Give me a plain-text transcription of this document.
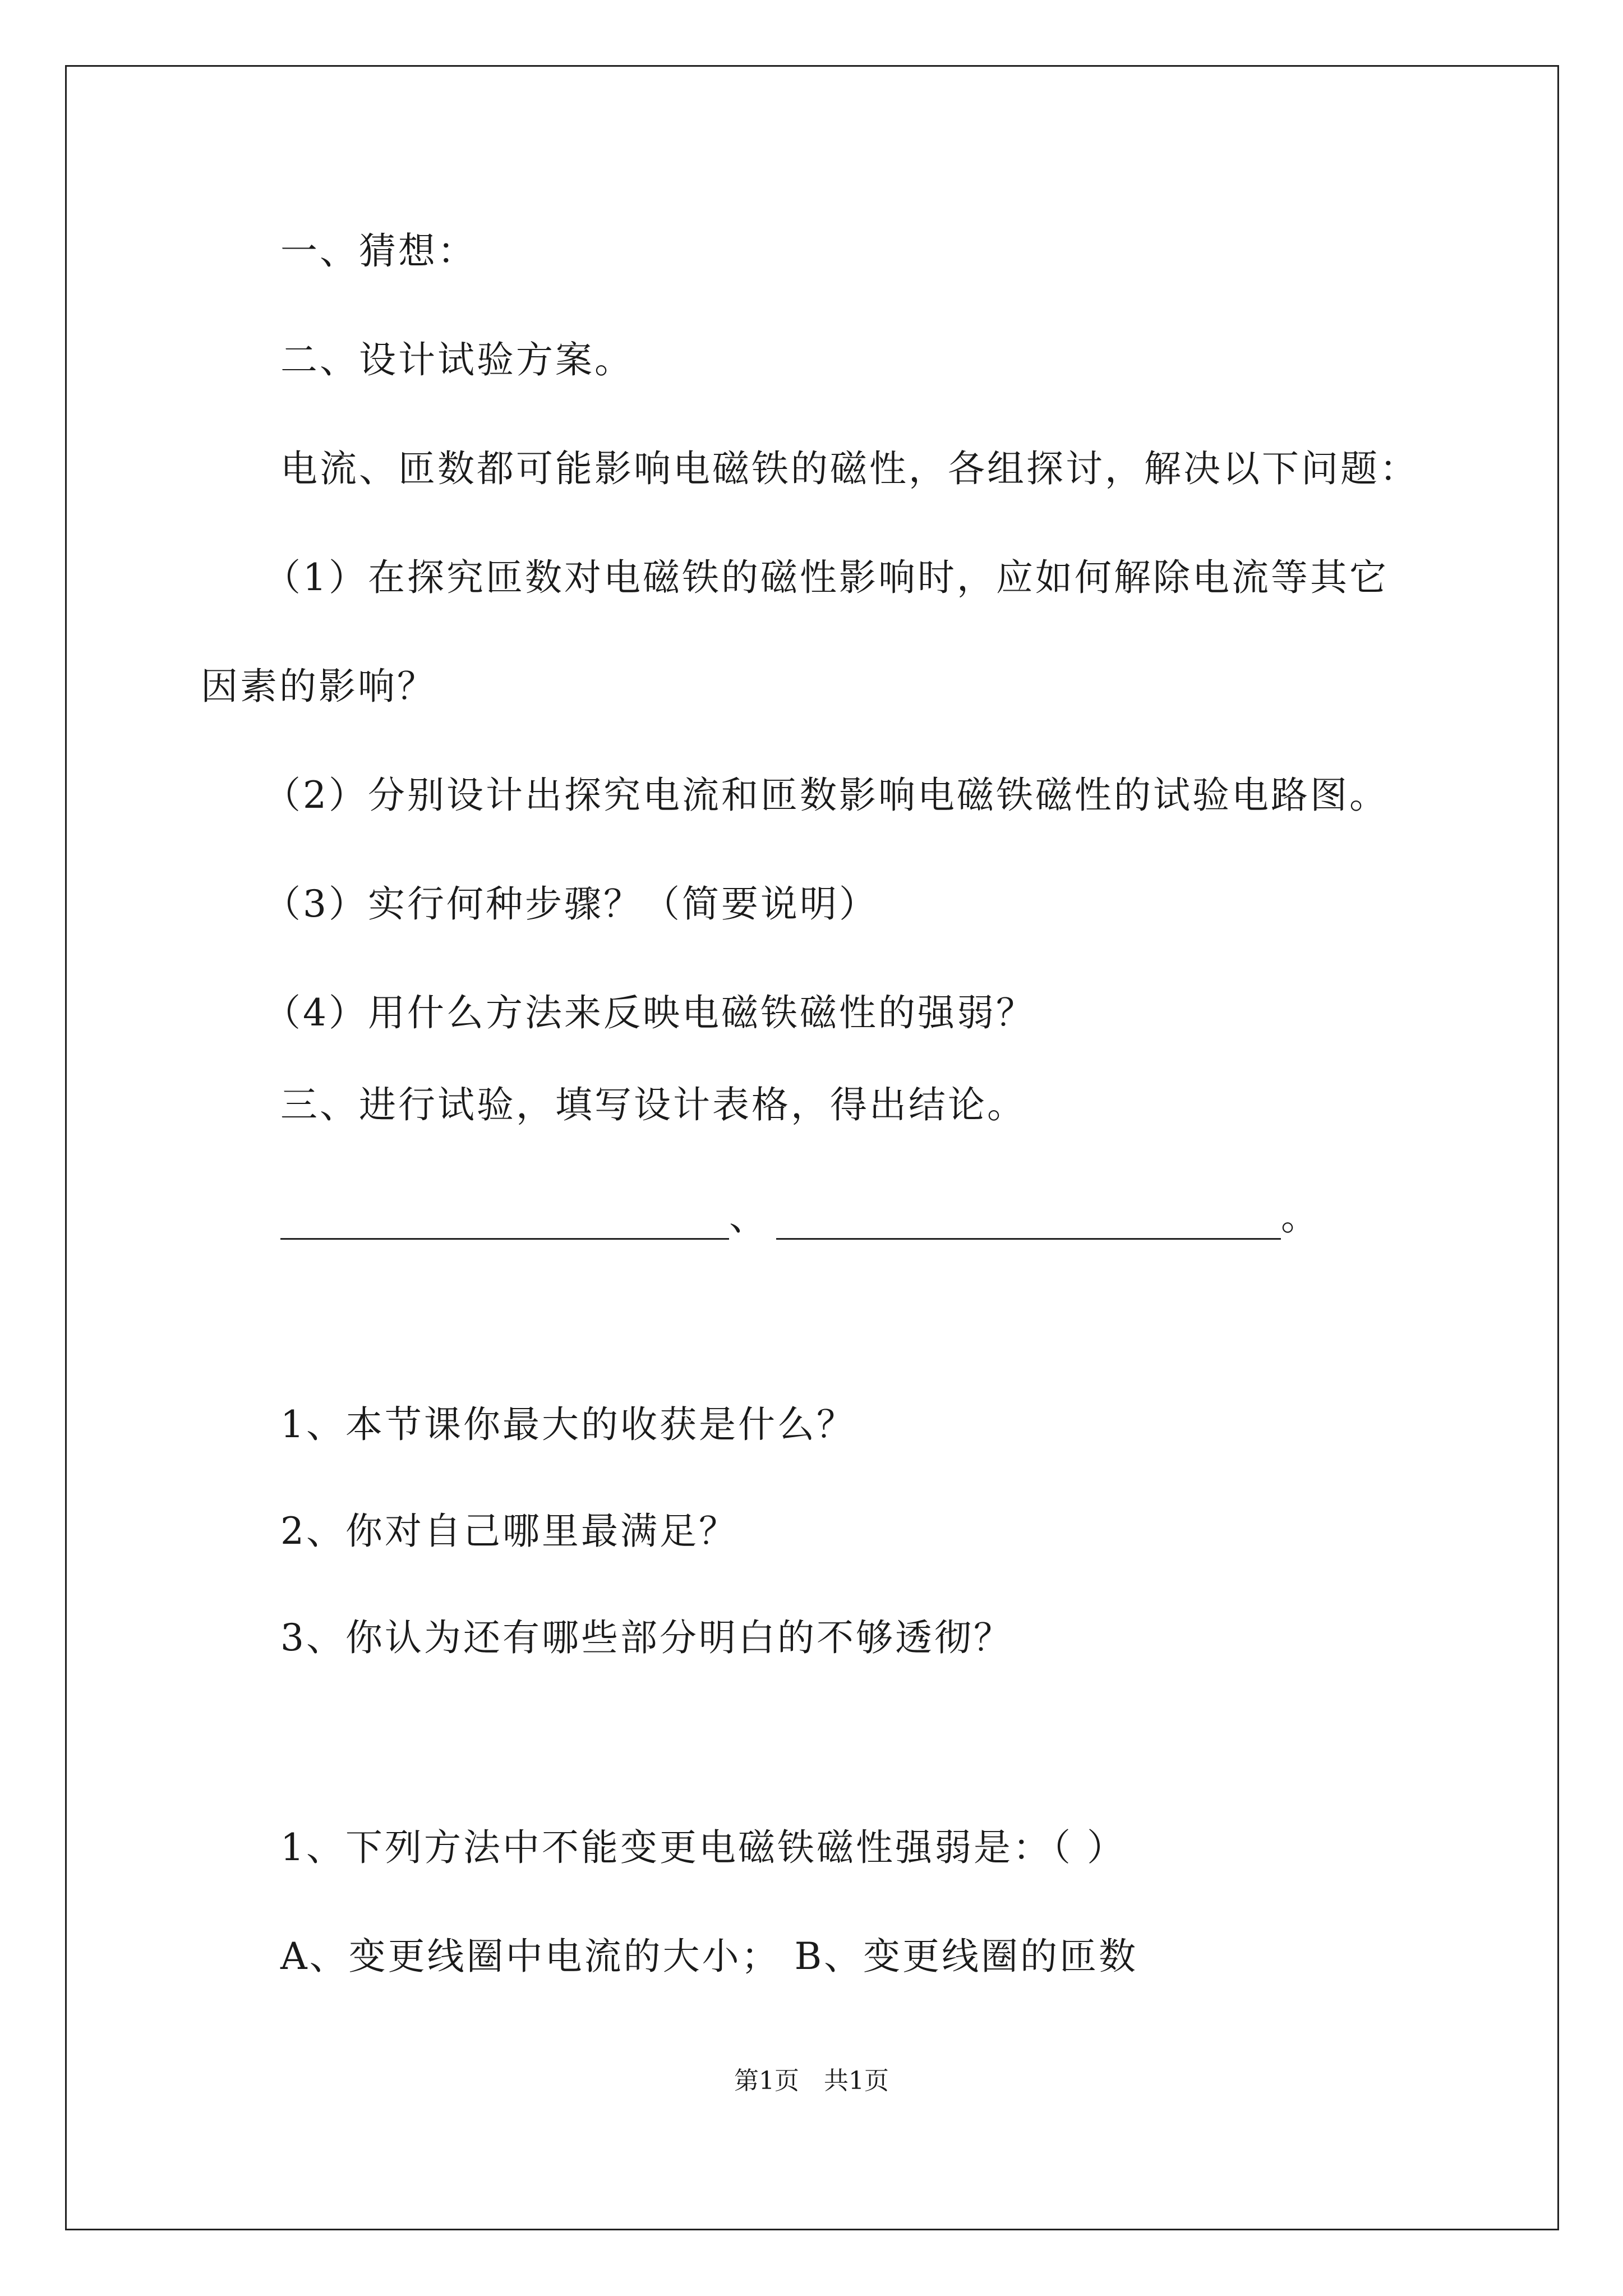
一、猜想：
二、设计试验方案。
电流、匝数都可能影响电磁铁的磁性，各组探讨，解决以下问题：
（1）在探究匝数对电磁铁的磁性影响时，应如何解除电流等其它
因素的影响？
（2）分别设计出探究电流和匝数影响电磁铁磁性的试验电路图。
（3）实行何种步骤？（简要说明）
（4）用什么方法来反映电磁铁磁性的强弱？
三、进行试验，填写设计表格，得出结论。
、	。
1、本节课你最大的收获是什么？
2、你对自己哪里最满足？
3、你认为还有哪些部分明白的不够透彻？
1、下列方法中不能变更电磁铁磁性强弱是：（ ）
A、变更线圈中电流的大小； B、变更线圈的匝数
第1页　共1页
